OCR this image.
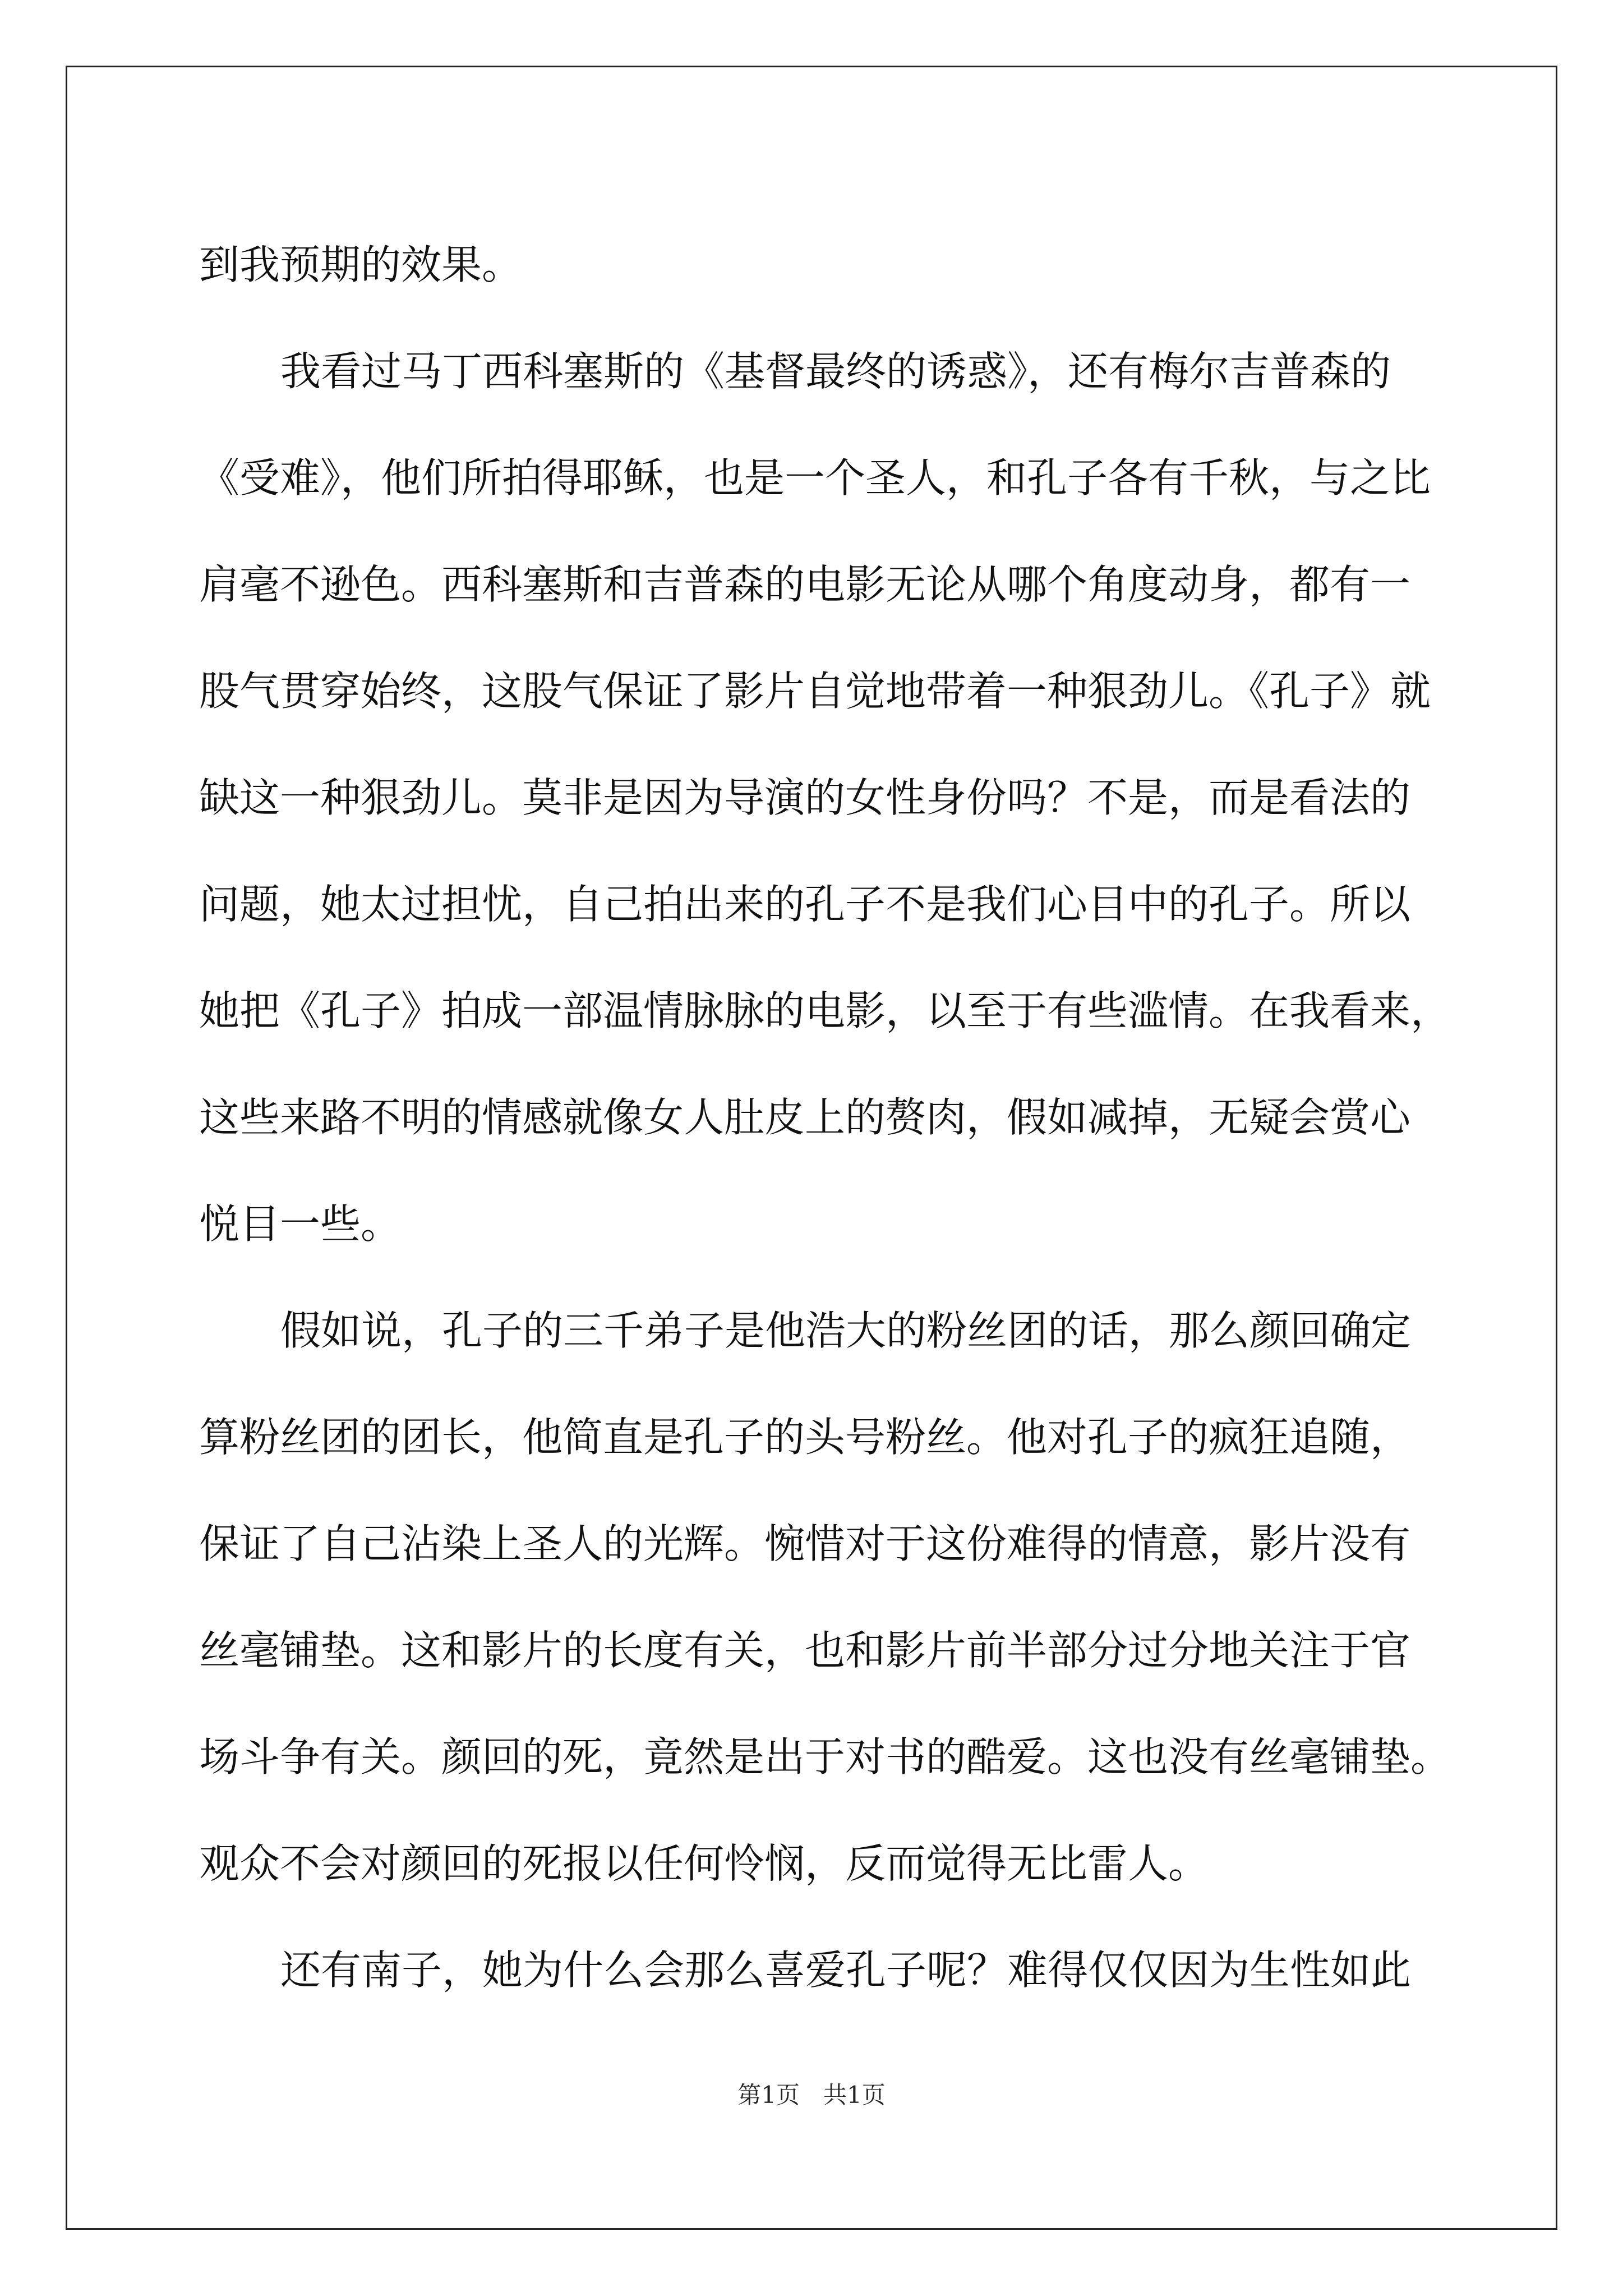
到我预期的效果。
我看过马丁西科塞斯的《基督最终的诱惑》，还有梅尔吉普森的
《受难》，他们所拍得耶稣，也是一个圣人，和孔子各有千秋，与之比
肩毫不逊色。西科塞斯和吉普森的电影无论从哪个角度动身，都有一
股气贯穿始终，这股气保证了影片自觉地带着一种狠劲儿。《孔子》就
缺这一种狠劲儿。莫非是因为导演的女性身份吗？不是，而是看法的
问题，她太过担忧，自己拍出来的孔子不是我们心目中的孔子。所以
她把《孔子》拍成一部温情脉脉的电影，以至于有些滥情。在我看来，
这些来路不明的情感就像女人肚皮上的赘肉，假如减掉，无疑会赏心
悦目一些。
假如说，孔子的三千弟子是他浩大的粉丝团的话，那么颜回确定
算粉丝团的团长，他简直是孔子的头号粉丝。他对孔子的疯狂追随，
保证了自己沾染上圣人的光辉。惋惜对于这份难得的情意，影片没有
丝毫铺垫。这和影片的长度有关，也和影片前半部分过分地关注于官
场斗争有关。颜回的死，竟然是出于对书的酷爱。这也没有丝毫铺垫。
观众不会对颜回的死报以任何怜悯，反而觉得无比雷人。
还有南子，她为什么会那么喜爱孔子呢？难得仅仅因为生性如此
第1页　共1页
